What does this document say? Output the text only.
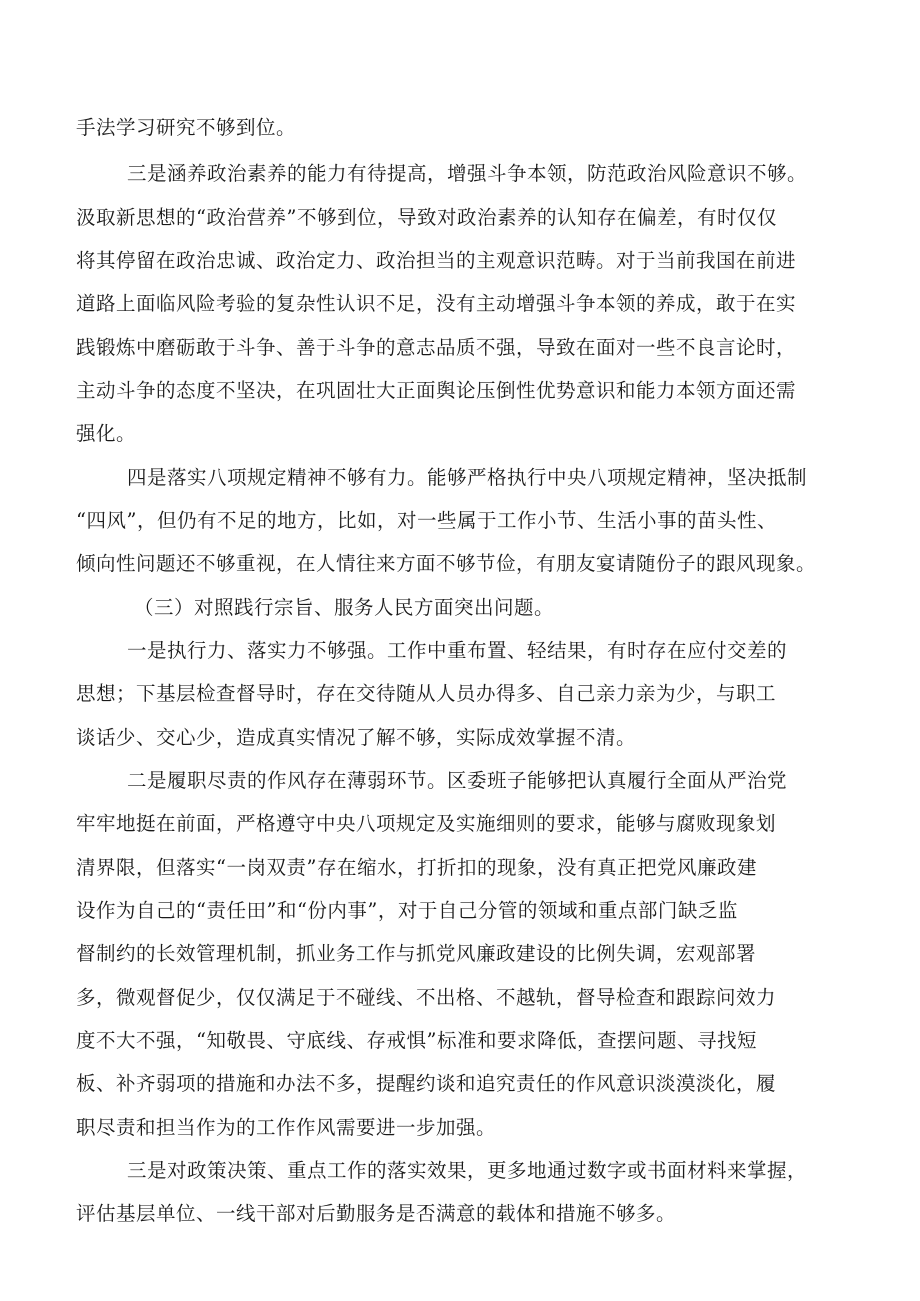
手法学习研究不够到位。
三是涵养政治素养的能力有待提高，增强斗争本领，防范政治风险意识不够。
汲取新思想的“政治营养”不够到位，导致对政治素养的认知存在偏差，有时仅仅
将其停留在政治忠诚、政治定力、政治担当的主观意识范畴。对于当前我国在前进
道路上面临风险考验的复杂性认识不足，没有主动增强斗争本领的养成，敢于在实
践锻炼中磨砺敢于斗争、善于斗争的意志品质不强，导致在面对一些不良言论时，
主动斗争的态度不坚决，在巩固壮大正面舆论压倒性优势意识和能力本领方面还需
强化。
四是落实八项规定精神不够有力。能够严格执行中央八项规定精神，坚决抵制
“四风”，但仍有不足的地方，比如，对一些属于工作小节、生活小事的苗头性、
倾向性问题还不够重视，在人情往来方面不够节俭，有朋友宴请随份子的跟风现象。
（三）对照践行宗旨、服务人民方面突出问题。
一是执行力、落实力不够强。工作中重布置、轻结果，有时存在应付交差的
思想；下基层检查督导时，存在交待随从人员办得多、自己亲力亲为少，与职工
谈话少、交心少，造成真实情况了解不够，实际成效掌握不清。
二是履职尽责的作风存在薄弱环节。区委班子能够把认真履行全面从严治党
牢牢地挺在前面，严格遵守中央八项规定及实施细则的要求，能够与腐败现象划
清界限，但落实“一岗双责”存在缩水，打折扣的现象，没有真正把党风廉政建
设作为自己的“责任田”和“份内事”，对于自己分管的领域和重点部门缺乏监
督制约的长效管理机制，抓业务工作与抓党风廉政建设的比例失调，宏观部署
多，微观督促少，仅仅满足于不碰线、不出格、不越轨，督导检查和跟踪问效力
度不大不强，“知敬畏、守底线、存戒惧”标准和要求降低，查摆问题、寻找短
板、补齐弱项的措施和办法不多，提醒约谈和追究责任的作风意识淡漠淡化，履
职尽责和担当作为的工作作风需要进一步加强。
三是对政策决策、重点工作的落实效果，更多地通过数字或书面材料来掌握，
评估基层单位、一线干部对后勤服务是否满意的载体和措施不够多。
